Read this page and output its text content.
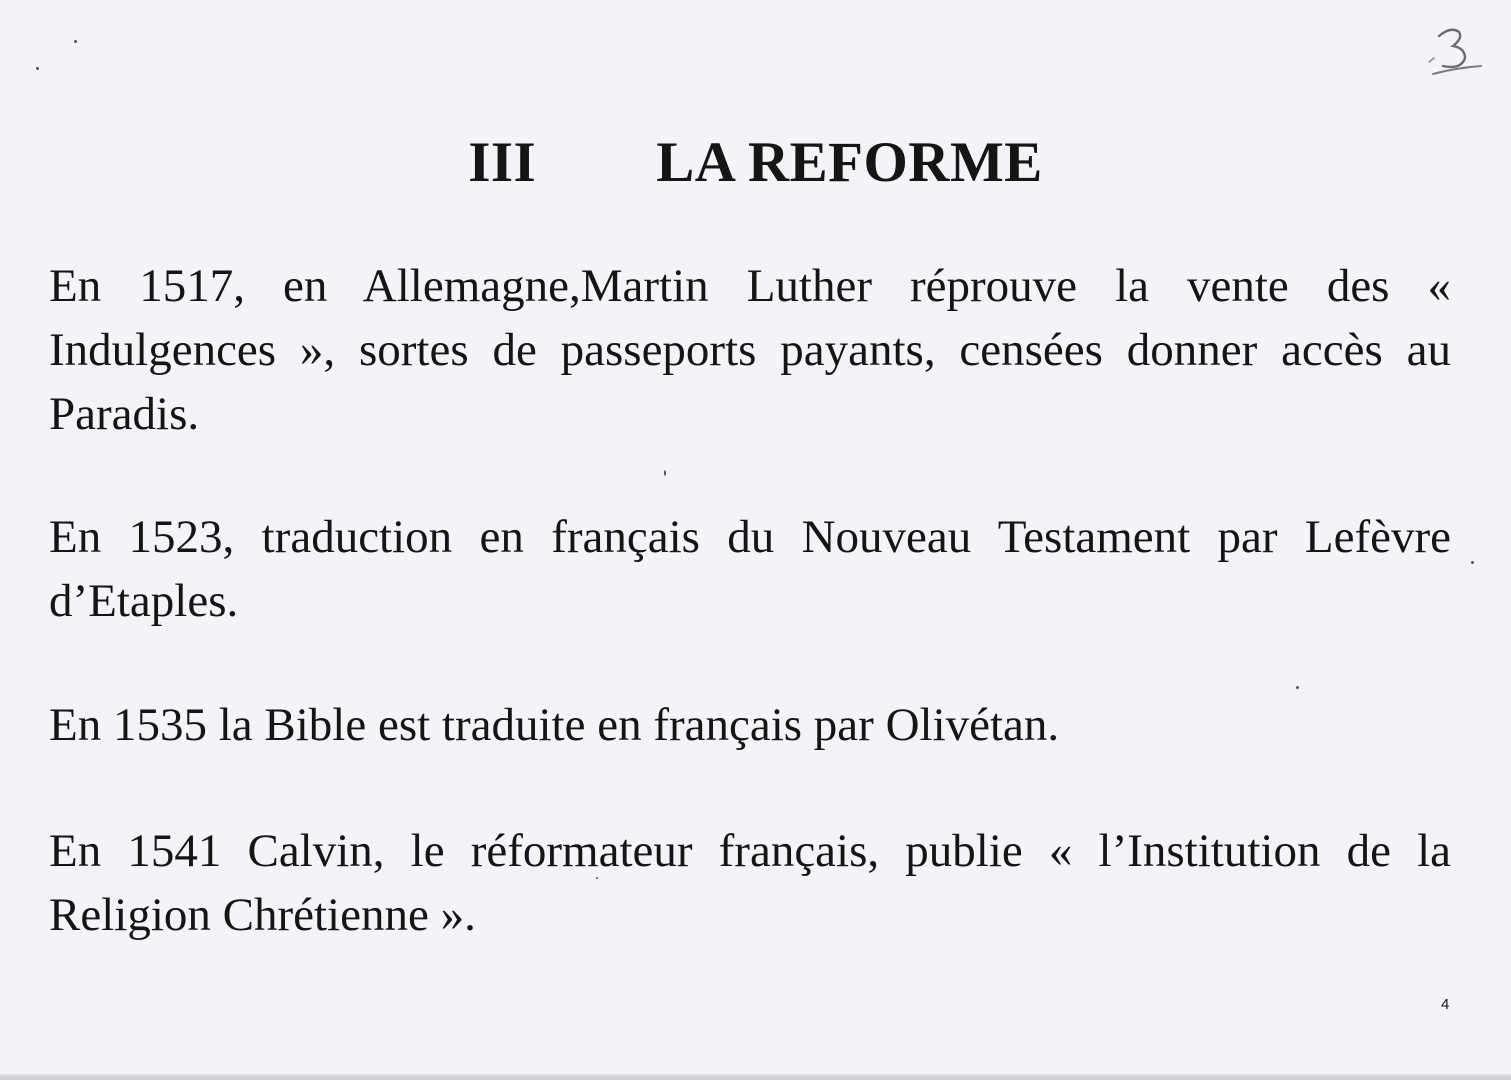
III LA REFORME
En 1517, en Allemagne,Martin Luther réprouve la vente des « Indulgences », sortes de passeports payants, censées donner accès au Paradis.
En 1523, traduction en français du Nouveau Testament par Lefèvre d’Etaples.
En 1535 la Bible est traduite en français par Olivétan.
En 1541 Calvin, le réformateur français, publie « l’Institution de la Religion Chrétienne ».
4
